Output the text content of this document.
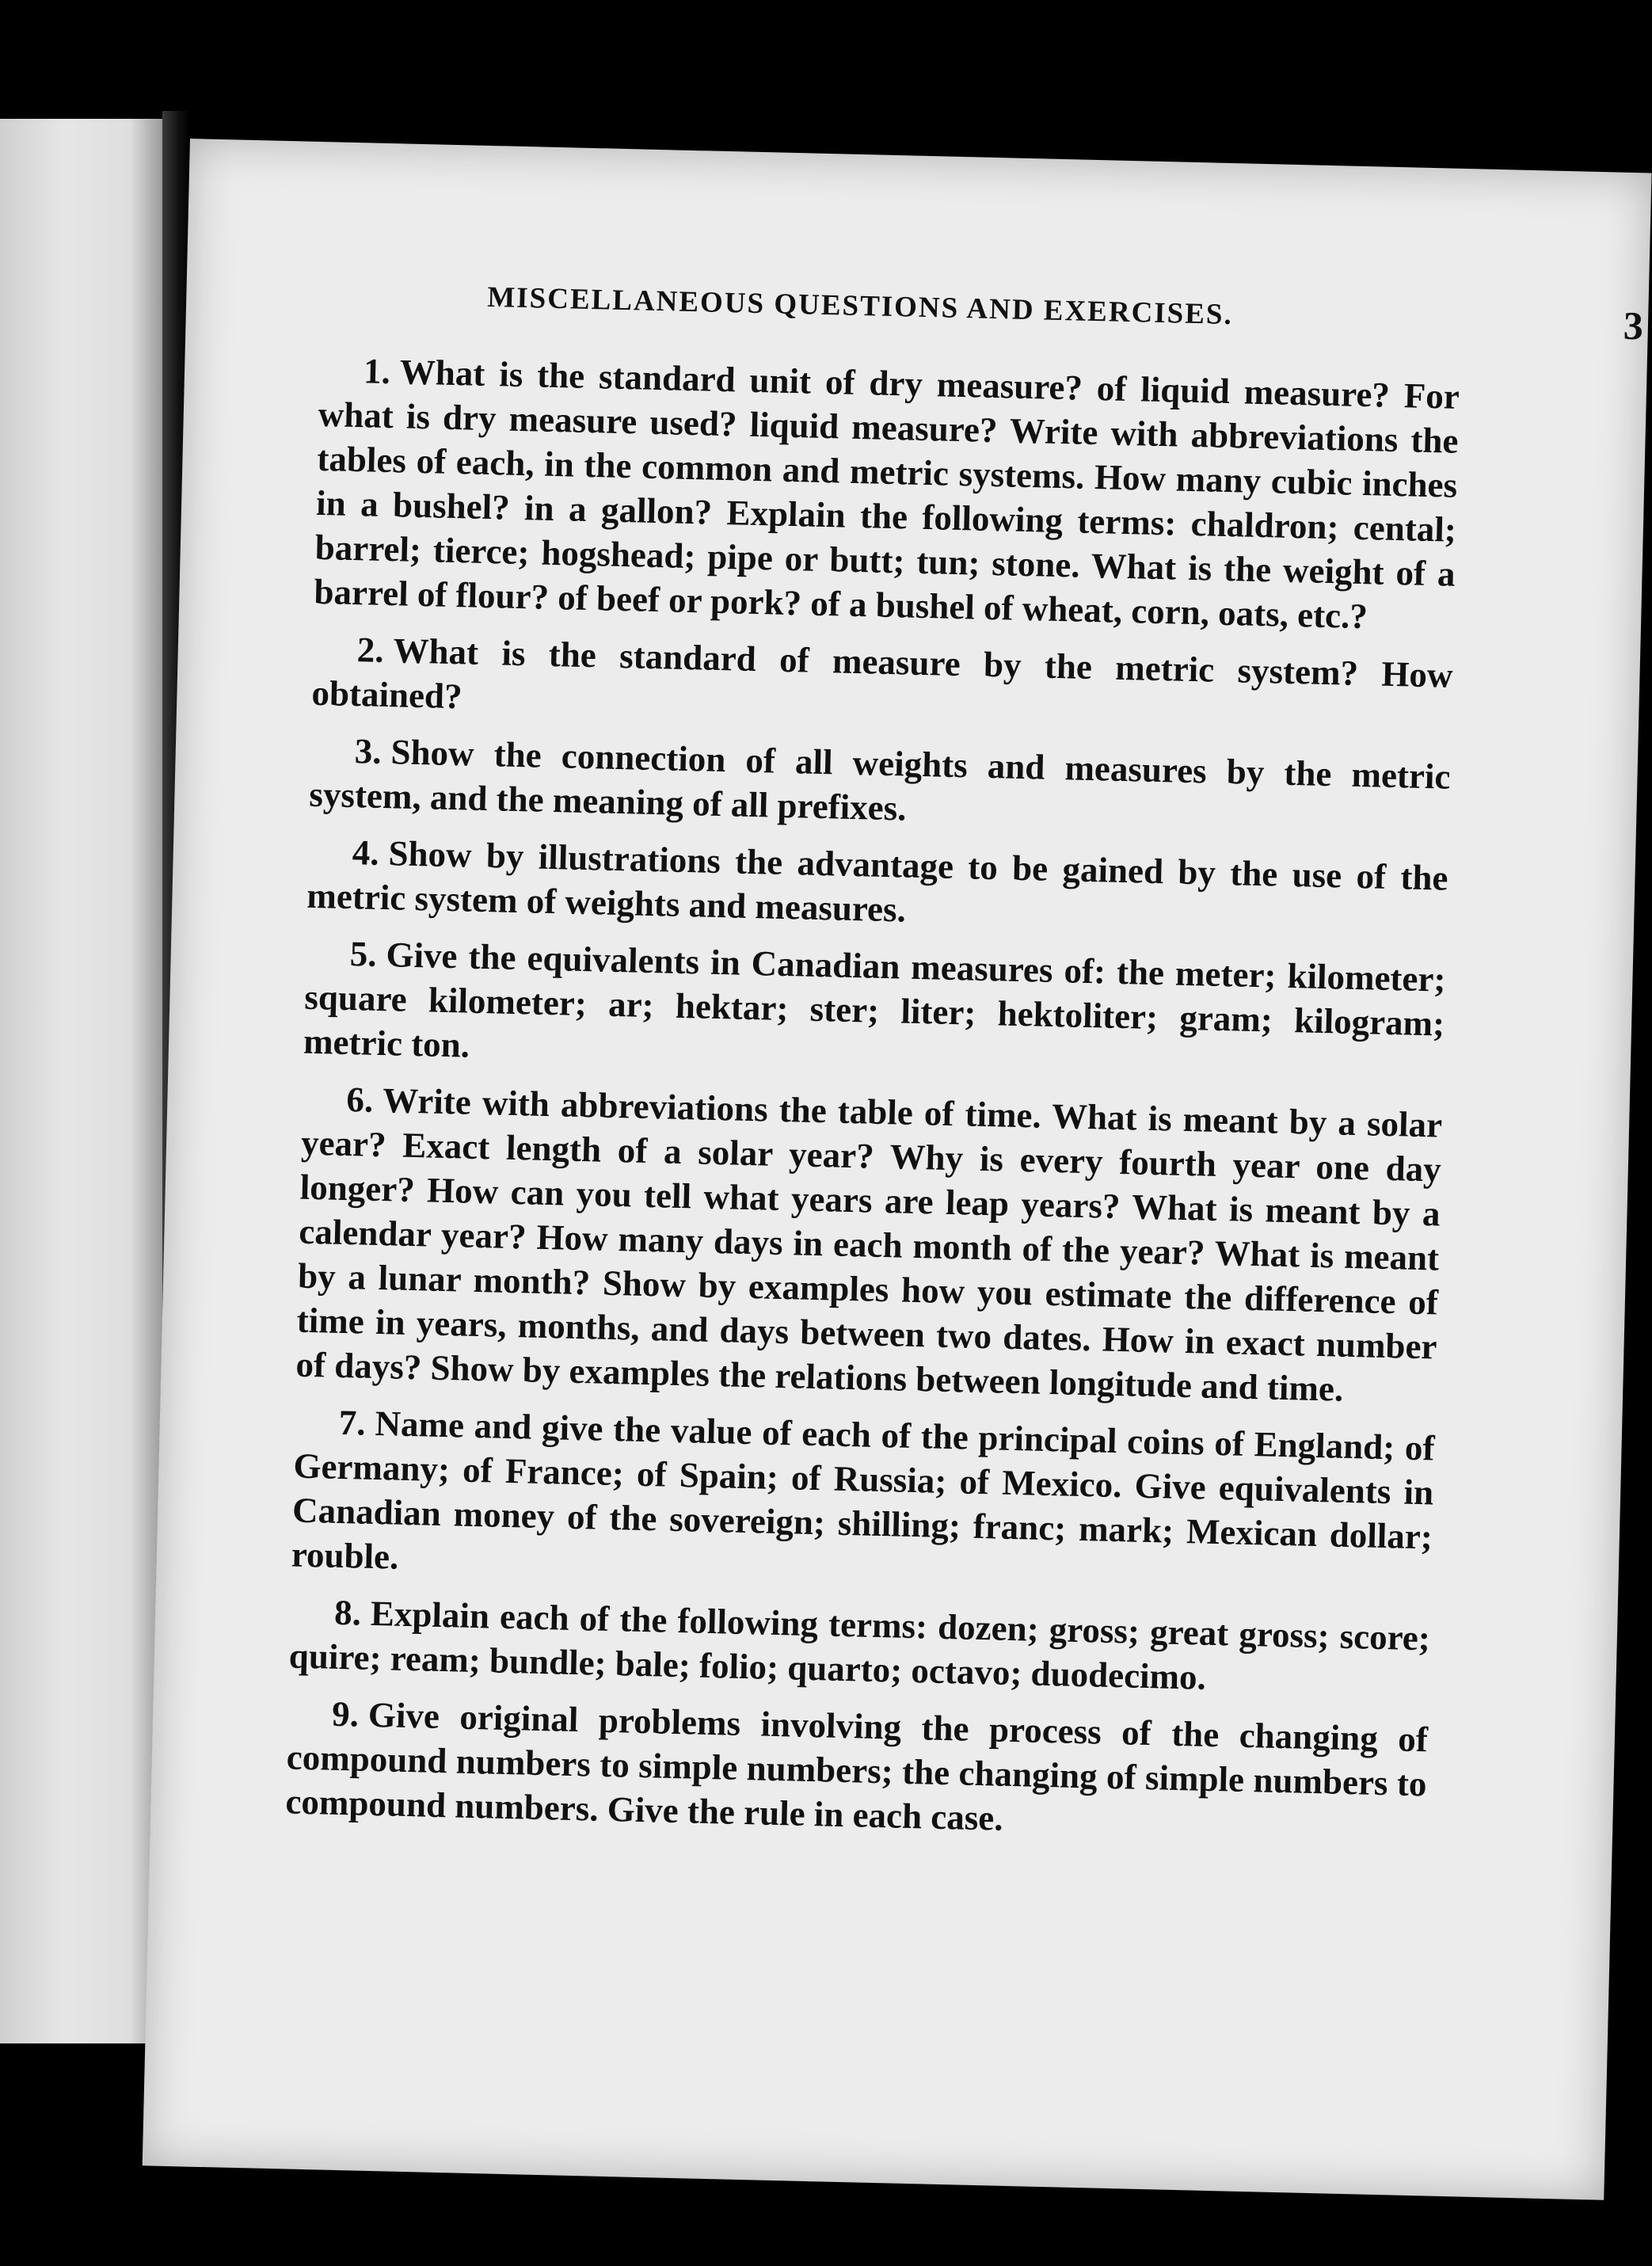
MISCELLANEOUS QUESTIONS AND EXERCISES.	3

1. What is the standard unit of dry measure? of liquid measure? For what is dry measure used? liquid measure? Write with abbreviations the tables of each, in the common and metric systems. How many cubic inches in a bushel? in a gallon? Explain the following terms: chaldron; cental; barrel; tierce; hogshead; pipe or butt; tun; stone. What is the weight of a barrel of flour? of beef or pork? of a bushel of wheat, corn, oats, etc.?

2. What is the standard of measure by the metric system? How obtained?

3. Show the connection of all weights and measures by the metric system, and the meaning of all prefixes.

4. Show by illustrations the advantage to be gained by the use of the metric system of weights and measures.

5. Give the equivalents in Canadian measures of: the meter; kilometer; square kilometer; ar; hektar; ster; liter; hektoliter; gram; kilogram; metric ton.

6. Write with abbreviations the table of time. What is meant by a solar year? Exact length of a solar year? Why is every fourth year one day longer? How can you tell what years are leap years? What is meant by a calendar year? How many days in each month of the year? What is meant by a lunar month? Show by examples how you estimate the difference of time in years, months, and days between two dates. How in exact number of days? Show by examples the relations between longitude and time.

7. Name and give the value of each of the principal coins of England; of Germany; of France; of Spain; of Russia; of Mexico. Give equivalents in Canadian money of the sovereign; shilling; franc; mark; Mexican dollar; rouble.

8. Explain each of the following terms: dozen; gross; great gross; score; quire; ream; bundle; bale; folio; quarto; octavo; duodecimo.

9. Give original problems involving the process of the changing of compound numbers to simple numbers; the changing of simple numbers to compound numbers. Give the rule in each case.
